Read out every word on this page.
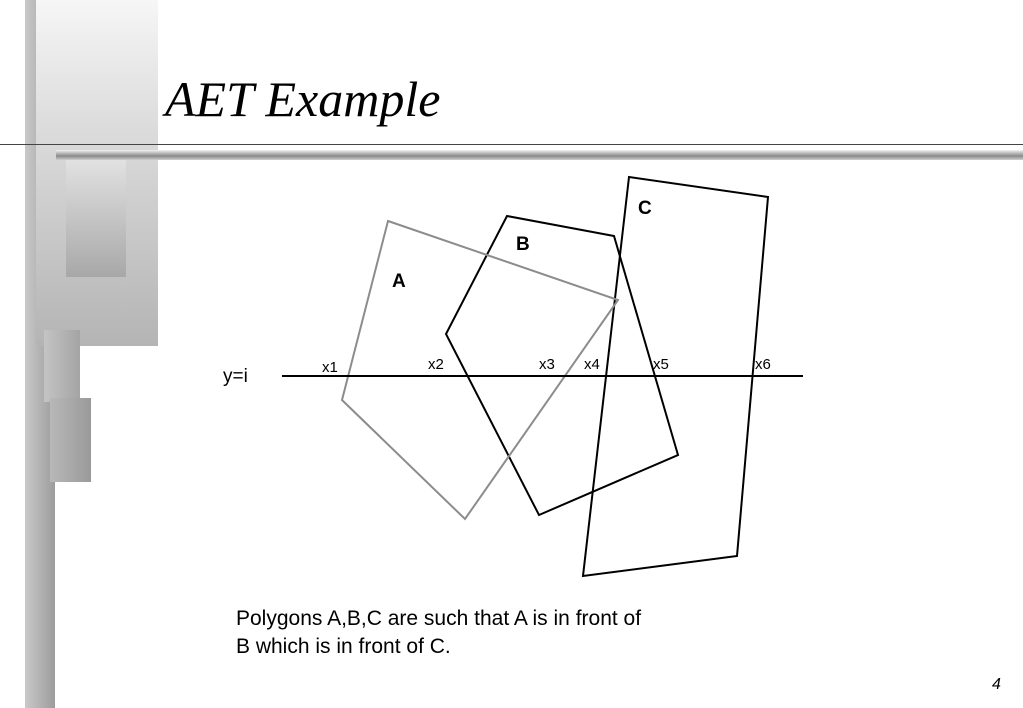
AET Example
A
B
C
y=i	x1	x2	x3 x4	x5	x6
Polygons A,B,C are such that A is in front of
B which is in front of C.
4
